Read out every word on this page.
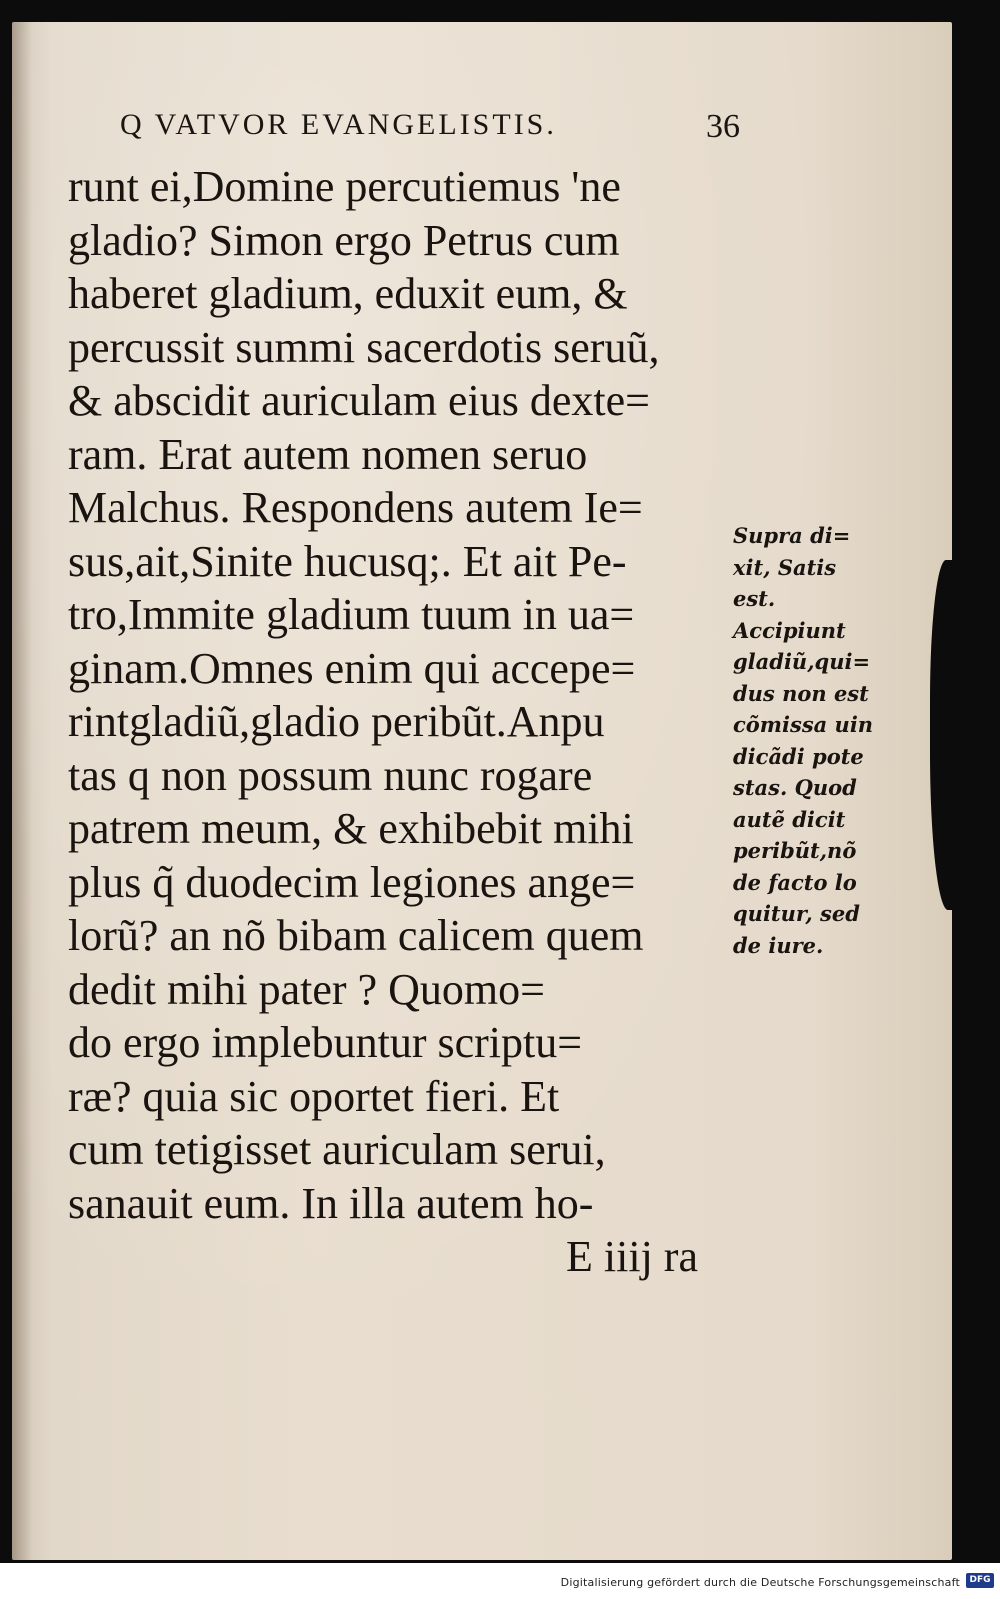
Q VATVOR EVANGELISTIS.	36
runt ei,Domine percutiemus 'ne
gladio? Simon ergo Petrus cum
haberet gladium, eduxit eum, &
percussit summi sacerdotis seruũ,
& abscidit auriculam eius dexte=
ram. Erat autem nomen seruo
Malchus. Respondens autem Ie=
sus,ait,Sinite hucusq;. Et ait Pe-
tro,Immite gladium tuum in ua=
ginam.Omnes enim qui accepe=
rintgladiũ,gladio peribũt.Anpu
tas q non possum nunc rogare
patrem meum, & exhibebit mihi
plus q̃ duodecim legiones ange=
lorũ? an nõ bibam calicem quem
dedit mihi pater ? Quomo=
do ergo implebuntur scriptu=
ræ? quia sic oportet fieri. Et
cum tetigisset auriculam serui,
sanauit eum. In illa autem ho-
E iiij ra
Supra di=
xit, Satis
est.
Accipiunt
gladiũ,qui=
dus non est
cõmissa uin
dicãdi pote
stas. Quod
autẽ dicit
peribũt,nõ
de facto lo
quitur, sed
de iure.
Digitalisierung gefördert durch die Deutsche Forschungsgemeinschaft	DFG
